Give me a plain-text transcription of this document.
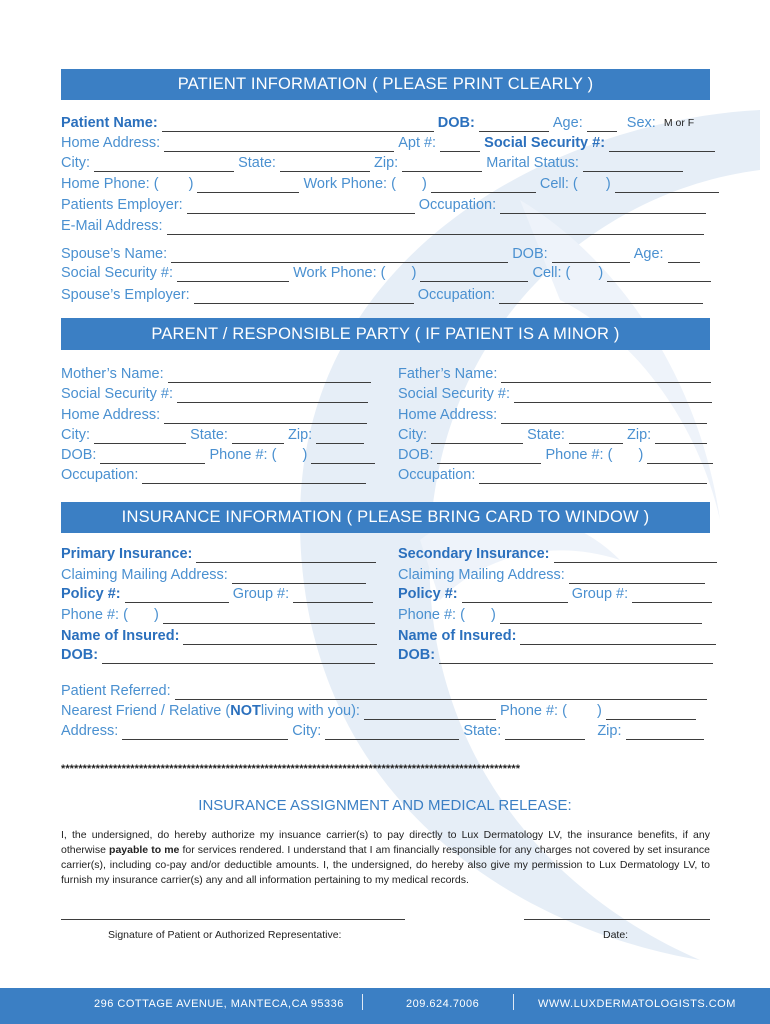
PATIENT INFORMATION ( PLEASE PRINT CLEARLY )
Patient Name:	DOB:	Age:	Sex: M or F
Home Address:	Apt #:	Social Security #:
City:	State:	Zip:	Marital Status:
Home Phone: ( )	Work Phone: ( )	Cell: ( )
Patients Employer:	Occupation:
E-Mail Address:
Spouse’s Name:	DOB:	Age:
Social Security #:	Work Phone: ( )	Cell: ( )
Spouse’s Employer:	Occupation:
PARENT / RESPONSIBLE PARTY ( IF PATIENT IS A MINOR )
Mother’s Name:	Father’s Name:
Social Security #:	Social Security #:
Home Address:	Home Address:
City:	State:	Zip:	City:	State:	Zip:
DOB:	Phone #: ( )	DOB:	Phone #: ( )
Occupation:	Occupation:
INSURANCE INFORMATION ( PLEASE BRING CARD TO WINDOW )
Primary Insurance:	Secondary Insurance:
Claiming Mailing Address:	Claiming Mailing Address:
Policy #:	Group #:	Policy #:	Group #:
Phone #: ( )	Phone #: ( )
Name of Insured:	Name of Insured:
DOB:	DOB:
Patient Referred:
Nearest Friend / Relative (NOTliving with you):	Phone #: ( )
Address:	City:	State:	Zip:
**********************************************************************************************************
INSURANCE ASSIGNMENT AND MEDICAL RELEASE:
I, the undersigned, do hereby authorize my insuance carrier(s) to pay directly to Lux Dermatology LV, the insurance benefits, if any otherwise payable to me for services rendered. I understand that I am financially responsible for any charges not covered by set insurance carrier(s), including co-pay and/or deductible amounts. I, the undersigned, do hereby also give my permission to Lux Dermatology LV, to furnish my insurance carrier(s) any and all information pertaining to my medical records.
Signature of Patient or Authorized Representative:	Date:
296 COTTAGE AVENUE, MANTECA,CA 95336	209.624.7006	WWW.LUXDERMATOLOGISTS.COM
